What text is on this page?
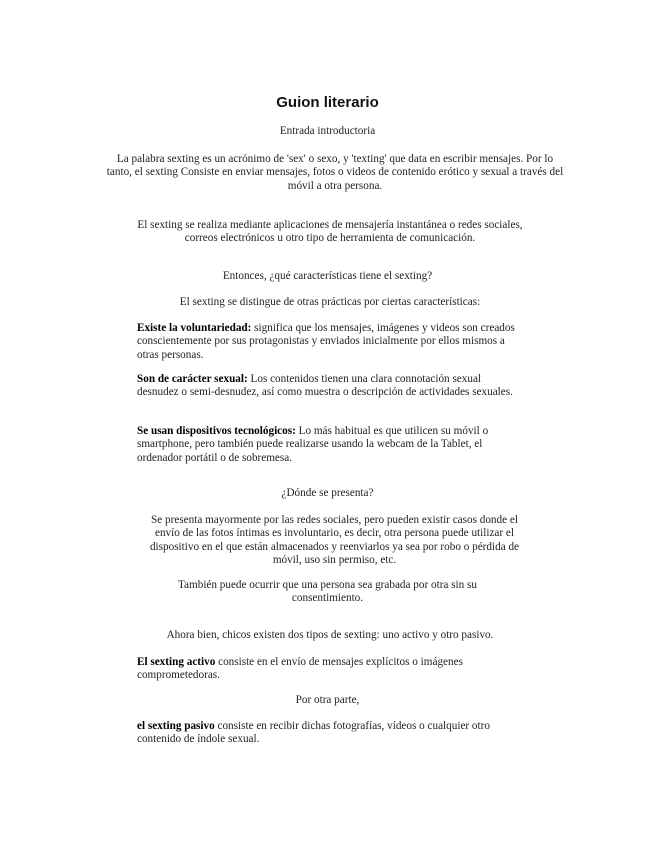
Guion literario

Entrada introductoria

La palabra sexting es un acrónimo de 'sex' o sexo, y 'texting' que data en escribir mensajes. Por lo tanto, el sexting Consiste en enviar mensajes, fotos o videos de contenido erótico y sexual a través del móvil a otra persona.

El sexting se realiza mediante aplicaciones de mensajería instantánea o redes sociales, correos electrónicos u otro tipo de herramienta de comunicación.

Entonces, ¿qué características tiene el sexting?

El sexting se distingue de otras prácticas por ciertas características:

Existe la voluntariedad: significa que los mensajes, imágenes y videos son creados conscientemente por sus protagonistas y enviados inicialmente por ellos mismos a otras personas.

Son de carácter sexual: Los contenidos tienen una clara connotación sexual desnudez o semi-desnudez, así como muestra o descripción de actividades sexuales.

Se usan dispositivos tecnológicos: Lo más habitual es que utilicen su móvil o smartphone, pero también puede realizarse usando la webcam de la Tablet, el ordenador portátil o de sobremesa.

¿Dónde se presenta?

Se presenta mayormente por las redes sociales, pero pueden existir casos donde el envío de las fotos íntimas es involuntario, es decir, otra persona puede utilizar el dispositivo en el que están almacenados y reenviarlos ya sea por robo o pérdida de móvil, uso sin permiso, etc.

También puede ocurrir que una persona sea grabada por otra sin su consentimiento.

Ahora bien, chicos existen dos tipos de sexting: uno activo y otro pasivo.

El sexting activo consiste en el envío de mensajes explícitos o imágenes comprometedoras.

Por otra parte,

el sexting pasivo consiste en recibir dichas fotografías, vídeos o cualquier otro contenido de índole sexual.
